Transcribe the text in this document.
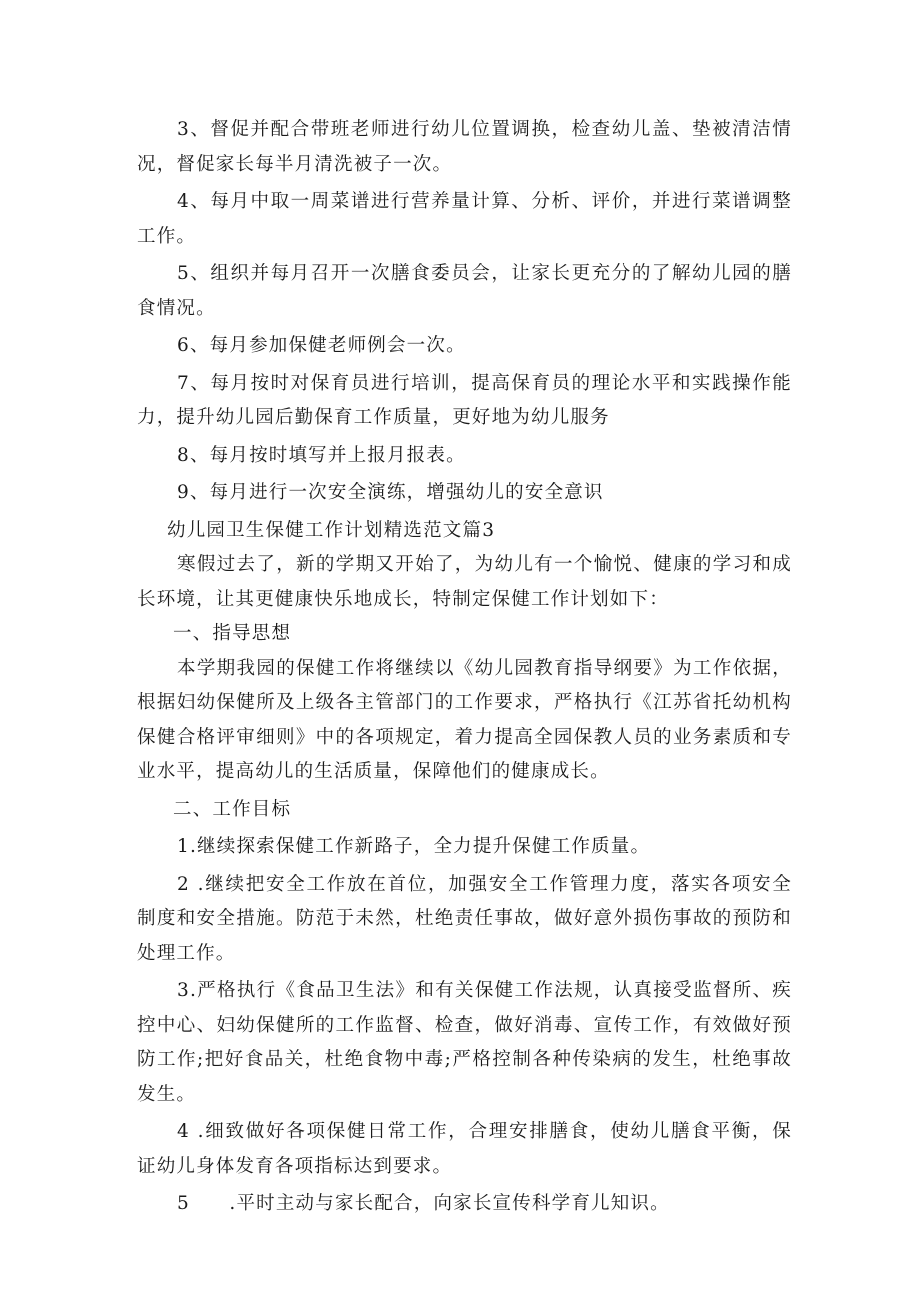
3、督促并配合带班老师进行幼儿位置调换，检查幼儿盖、垫被清洁情况，督促家长每半月清洗被子一次。

4、每月中取一周菜谱进行营养量计算、分析、评价，并进行菜谱调整工作。

5、组织并每月召开一次膳食委员会，让家长更充分的了解幼儿园的膳食情况。

6、每月参加保健老师例会一次。

7、每月按时对保育员进行培训，提高保育员的理论水平和实践操作能力，提升幼儿园后勤保育工作质量，更好地为幼儿服务

8、每月按时填写并上报月报表。

9、每月进行一次安全演练，增强幼儿的安全意识

幼儿园卫生保健工作计划精选范文篇3

寒假过去了，新的学期又开始了，为幼儿有一个愉悦、健康的学习和成长环境，让其更健康快乐地成长，特制定保健工作计划如下：

一、指导思想

本学期我园的保健工作将继续以《幼儿园教育指导纲要》为工作依据，根据妇幼保健所及上级各主管部门的工作要求，严格执行《江苏省托幼机构保健合格评审细则》中的各项规定，着力提高全园保教人员的业务素质和专业水平，提高幼儿的生活质量，保障他们的健康成长。

二、工作目标

1.继续探索保健工作新路子，全力提升保健工作质量。

2 .继续把安全工作放在首位，加强安全工作管理力度，落实各项安全制度和安全措施。防范于未然，杜绝责任事故，做好意外损伤事故的预防和处理工作。

3.严格执行《食品卫生法》和有关保健工作法规，认真接受监督所、疾控中心、妇幼保健所的工作监督、检查，做好消毒、宣传工作，有效做好预防工作;把好食品关，杜绝食物中毒;严格控制各种传染病的发生，杜绝事故发生。

4 .细致做好各项保健日常工作，合理安排膳食，使幼儿膳食平衡，保证幼儿身体发育各项指标达到要求。

5　　.平时主动与家长配合，向家长宣传科学育儿知识。
